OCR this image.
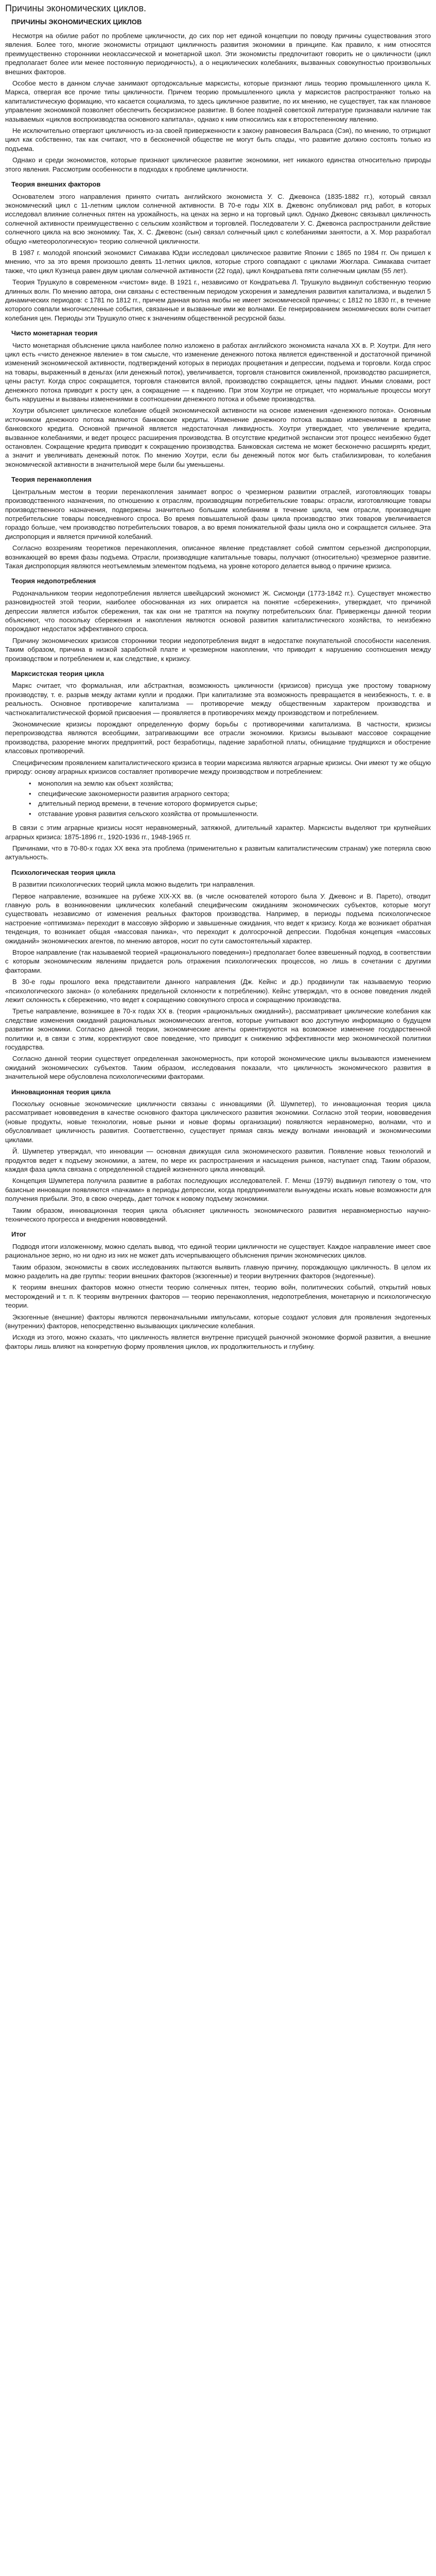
Причины экономических циклов.
ПРИЧИНЫ ЭКОНОМИЧЕСКИХ ЦИКЛОВ

Несмотря на обилие работ по проблеме цикличности, до сих пор нет единой концепции по поводу причины существования этого явления. Более того, многие экономисты отрицают цикличность развития экономики в принципе. Как правило, к ним относятся преимущественно сторонники неоклассической и монетарной школ. Эти экономисты предпочитают говорить не о цикличности (цикл предполагает более или менее постоянную периодичность), а о нециклических колебаниях, вызванных совокупностью произвольных внешних факторов.

Особое место в данном случае занимают ортодоксальные марксисты, которые признают лишь теорию промышленного цикла К. Маркса, отвергая все прочие типы цикличности. Причем теорию промышленного цикла у марксистов распространяют только на капиталистическую формацию, что касается социализма, то здесь цикличное развитие, по их мнению, не существует, так как плановое управление экономикой позволяет обеспечить бескризисное развитие. В более поздней советской литературе признавали наличие так называемых «циклов воспроизводства основного капитала», однако к ним относились как к второстепенному явлению.

Не исключительно отвергают цикличность из-за своей приверженности к закону равновесия Вальраса (Сэя), по мнению, то отрицают цикл как собственно, так как считают, что в бесконечной обществе не могут быть спады, что развитие должно состоять только из подъема.

Однако и среди экономистов, которые признают циклическое развитие экономики, нет никакого единства относительно природы этого явления. Рассмотрим особенности в подходах к проблеме цикличности.

Теория внешних факторов

Основателем этого направления принято считать английского экономиста У. С. Джевонса (1835-1882 гг.), который связал экономический цикл с 11-летним циклом солнечной активности. В 70-е годы XIX в. Джевонс опубликовал ряд работ, в которых исследовал влияние солнечных пятен на урожайность, на ценах на зерно и на торговый цикл. Однако Джевонс связывал цикличность солнечной активности преимущественно с сельским хозяйством и торговлей. Последователи У. С. Джевонса распространили действие солнечного цикла на всю экономику. Так, Х. С. Джевонс (сын) связал солнечный цикл с колебаниями занятости, а Х. Мор разработал общую «метеорологическую» теорию солнечной цикличности.

В 1987 г. молодой японский экономист Симакава Юдзи исследовал циклическое развитие Японии с 1865 по 1984 гг. Он пришел к мнению, что за это время произошло девять 11-летних циклов, которые строго совпадают с циклами Жюглара. Симакава считает также, что цикл Кузнеца равен двум циклам солнечной активности (22 года), цикл Кондратьева пяти солнечным циклам (55 лет).

Теория Трушкуло в современном «чистом» виде. В 1921 г., независимо от Кондратьева Л. Трушкуло выдвинул собственную теорию длинных волн. По мнению автора, они связаны с естественным периодом ускорения и замедления развития капитализма, и выделил 5 динамических периодов: с 1781 по 1812 гг., причем данная волна якобы не имеет экономической причины; с 1812 по 1830 гг., в течение которого совпали многочисленные события, связанные и вызванные ими же волнами. Ее генерированием экономических волн считает колебания цен. Периоды эти Трушкуло отнес к значениям общественной ресурсной базы.

Чисто монетарная теория

Чисто монетарная объяснение цикла наиболее полно изложено в работах английского экономиста начала XX в. Р. Хоутри. Для него цикл есть «чисто денежное явление» в том смысле, что изменение денежного потока является единственной и достаточной причиной изменений экономической активности, подтверждений которых в периодах процветания и депрессии, подъема и торговли. Когда спрос на товары, выраженный в деньгах (или денежный поток), увеличивается, торговля становится оживленной, производство расширяется, цены растут. Когда спрос сокращается, торговля становится вялой, производство сокращается, цены падают. Иными словами, рост денежного потока приводит к росту цен, а сокращение — к падению. При этом Хоутри не отрицает, что нормальные процессы могут быть нарушены и вызваны изменениями в соотношении денежного потока и объеме производства.

Хоутри объясняет циклическое колебание общей экономической активности на основе изменения «денежного потока». Основным источником денежного потока являются банковские кредиты. Изменение денежного потока вызвано изменениями в величине банковского кредита. Основной причиной является недостаточная ликвидность. Хоутри утверждает, что увеличение кредита, вызванное колебаниями, и ведет процесс расширения производства. В отсутствие кредитной экспансии этот процесс неизбежно будет остановлен. Сокращение кредита приводит к сокращению производства. Банковская система не может бесконечно расширять кредит, а значит и увеличивать денежный поток. По мнению Хоутри, если бы денежный поток мог быть стабилизирован, то колебания экономической активности в значительной мере были бы уменьшены.

Теория перенакопления

Центральным местом в теории перенакопления занимает вопрос о чрезмерном развитии отраслей, изготовляющих товары производственного назначения, по отношению к отраслям, производящим потребительские товары: отрасли, изготовляющие товары производственного назначения, подвержены значительно большим колебаниям в течение цикла, чем отрасли, производящие потребительские товары повседневного спроса. Во время повышательной фазы цикла производство этих товаров увеличивается гораздо больше, чем производство потребительских товаров, а во время понижательной фазы цикла оно и сокращается сильнее. Эта диспропорция и является причиной колебаний.

Согласно воззрениям теоретиков перенакопления, описанное явление представляет собой симптом серьезной диспропорции, возникающей во время фазы подъема. Отрасли, производящие капитальные товары, получают (относительно) чрезмерное развитие. Такая диспропорция являются неотъемлемым элементом подъема, на уровне которого делается вывод о причине кризиса.

Теория недопотребления

Родоначальником теории недопотребления является швейцарский экономист Ж. Сисмонди (1773-1842 гг.). Существует множество разновидностей этой теории, наиболее обоснованная из них опирается на понятие «сбережения», утверждает, что причиной депрессии является избыток сбережения, так как они не тратятся на покупку потребительских благ. Приверженцы данной теории объясняют, что поскольку сбережения и накопления являются основой развития капиталистического хозяйства, то неизбежно порождают недостаток эффективного спроса.

Причину экономических кризисов сторонники теории недопотребления видят в недостатке покупательной способности населения. Таким образом, причина в низкой заработной плате и чрезмерном накоплении, что приводит к нарушению соотношения между производством и потреблением и, как следствие, к кризису.

Марксистская теория цикла

Маркс считает, что формальная, или абстрактная, возможность цикличности (кризисов) присуща уже простому товарному производству, т. е. разрыв между актами купли и продажи. При капитализме эта возможность превращается в неизбежность, т. е. в реальность. Основное противоречие капитализма — противоречие между общественным характером производства и частнокапиталистической формой присвоения — проявляется в противоречиях между производством и потреблением.

Экономические кризисы порождают определенную форму борьбы с противоречиями капитализма. В частности, кризисы перепроизводства являются всеобщими, затрагивающими все отрасли экономики. Кризисы вызывают массовое сокращение производства, разорение многих предприятий, рост безработицы, падение заработной платы, обнищание трудящихся и обострение классовых противоречий.

Специфическим проявлением капиталистического кризиса в теории марксизма являются аграрные кризисы. Они имеют ту же общую природу: основу аграрных кризисов составляет противоречие между производством и потреблением:

• монополия на землю как объект хозяйства;
• специфические закономерности развития аграрного сектора;
• длительный период времени, в течение которого формируется сырье;
• отставание уровня развития сельского хозяйства от промышленности.

В связи с этим аграрные кризисы носят неравномерный, затяжной, длительный характер. Марксисты выделяют три крупнейших аграрных кризиса: 1875-1896 гг., 1920-1936 гг., 1948-1965 гг.

Причинами, что в 70-80-х годах XX века эта проблема (применительно к развитым капиталистическим странам) уже потеряла свою актуальность.

Психологическая теория цикла

В развитии психологических теорий цикла можно выделить три направления.

Первое направление, возникшее на рубеже XIX-XX вв. (в числе основателей которого была У. Джевонс и В. Парето), отводит главную роль в возникновении циклических колебаний специфическим ожиданиям экономических субъектов, которые могут существовать независимо от изменения реальных факторов производства. Например, в периоды подъема психологическое настроение «оптимизма» переходит в массовую эйфорию и завышенные ожидания, что ведет к кризису. Когда же возникает обратная тенденция, то возникает общая «массовая паника», что переходит к долгосрочной депрессии. Подобная концепция «массовых ожиданий» экономических агентов, по мнению авторов, носит по сути самостоятельный характер.

Второе направление (так называемой теорией «рационального поведения») предполагает более взвешенный подход, в соответствии с которым экономическим явлениям придается роль отражения психологических процессов, но лишь в сочетании с другими факторами.

В 30-е годы прошлого века представители данного направления (Дж. Кейнс и др.) продвинули так называемую теорию «психологического закона» (о колебаниях предельной склонности к потреблению). Кейнс утверждал, что в основе поведения людей лежит склонность к сбережению, что ведет к сокращению совокупного спроса и сокращению производства.

Третье направление, возникшее в 70-х годах XX в. (теория «рациональных ожиданий»), рассматривает циклические колебания как следствие изменения ожиданий рациональных экономических агентов, которые учитывают всю доступную информацию о будущем развитии экономики. Согласно данной теории, экономические агенты ориентируются на возможное изменение государственной политики и, в связи с этим, корректируют свое поведение, что приводит к снижению эффективности мер экономической политики государства.

Согласно данной теории существует определенная закономерность, при которой экономические циклы вызываются изменением ожиданий экономических субъектов. Таким образом, исследования показали, что цикличность экономического развития в значительной мере обусловлена психологическими факторами.

Инновационная теория цикла

Поскольку основные экономические цикличности связаны с инновациями (Й. Шумпетер), то инновационная теория цикла рассматривает нововведения в качестве основного фактора циклического развития экономики. Согласно этой теории, нововведения (новые продукты, новые технологии, новые рынки и новые формы организации) появляются неравномерно, волнами, что и обусловливает цикличность развития. Соответственно, существует прямая связь между волнами инноваций и экономическими циклами.

Й. Шумпетер утверждал, что инновации — основная движущая сила экономического развития. Появление новых технологий и продуктов ведет к подъему экономики, а затем, по мере их распространения и насыщения рынков, наступает спад. Таким образом, каждая фаза цикла связана с определенной стадией жизненного цикла инноваций.

Концепция Шумпетера получила развитие в работах последующих исследователей. Г. Менш (1979) выдвинул гипотезу о том, что базисные инновации появляются «пачками» в периоды депрессии, когда предприниматели вынуждены искать новые возможности для получения прибыли. Это, в свою очередь, дает толчок к новому подъему экономики.

Таким образом, инновационная теория цикла объясняет цикличность экономического развития неравномерностью научно-технического прогресса и внедрения нововведений.

Итог

Подводя итоги изложенному, можно сделать вывод, что единой теории цикличности не существует. Каждое направление имеет свое рациональное зерно, но ни одно из них не может дать исчерпывающего объяснения причин экономических циклов.

Таким образом, экономисты в своих исследованиях пытаются выявить главную причину, порождающую цикличность. В целом их можно разделить на две группы: теории внешних факторов (экзогенные) и теории внутренних факторов (эндогенные).

К теориям внешних факторов можно отнести теорию солнечных пятен, теорию войн, политических событий, открытий новых месторождений и т. п. К теориям внутренних факторов — теорию перенакопления, недопотребления, монетарную и психологическую теории.

Экзогенные (внешние) факторы являются первоначальными импульсами, которые создают условия для проявления эндогенных (внутренних) факторов, непосредственно вызывающих циклические колебания.

Исходя из этого, можно сказать, что цикличность является внутренне присущей рыночной экономике формой развития, а внешние факторы лишь влияют на конкретную форму проявления циклов, их продолжительность и глубину.
